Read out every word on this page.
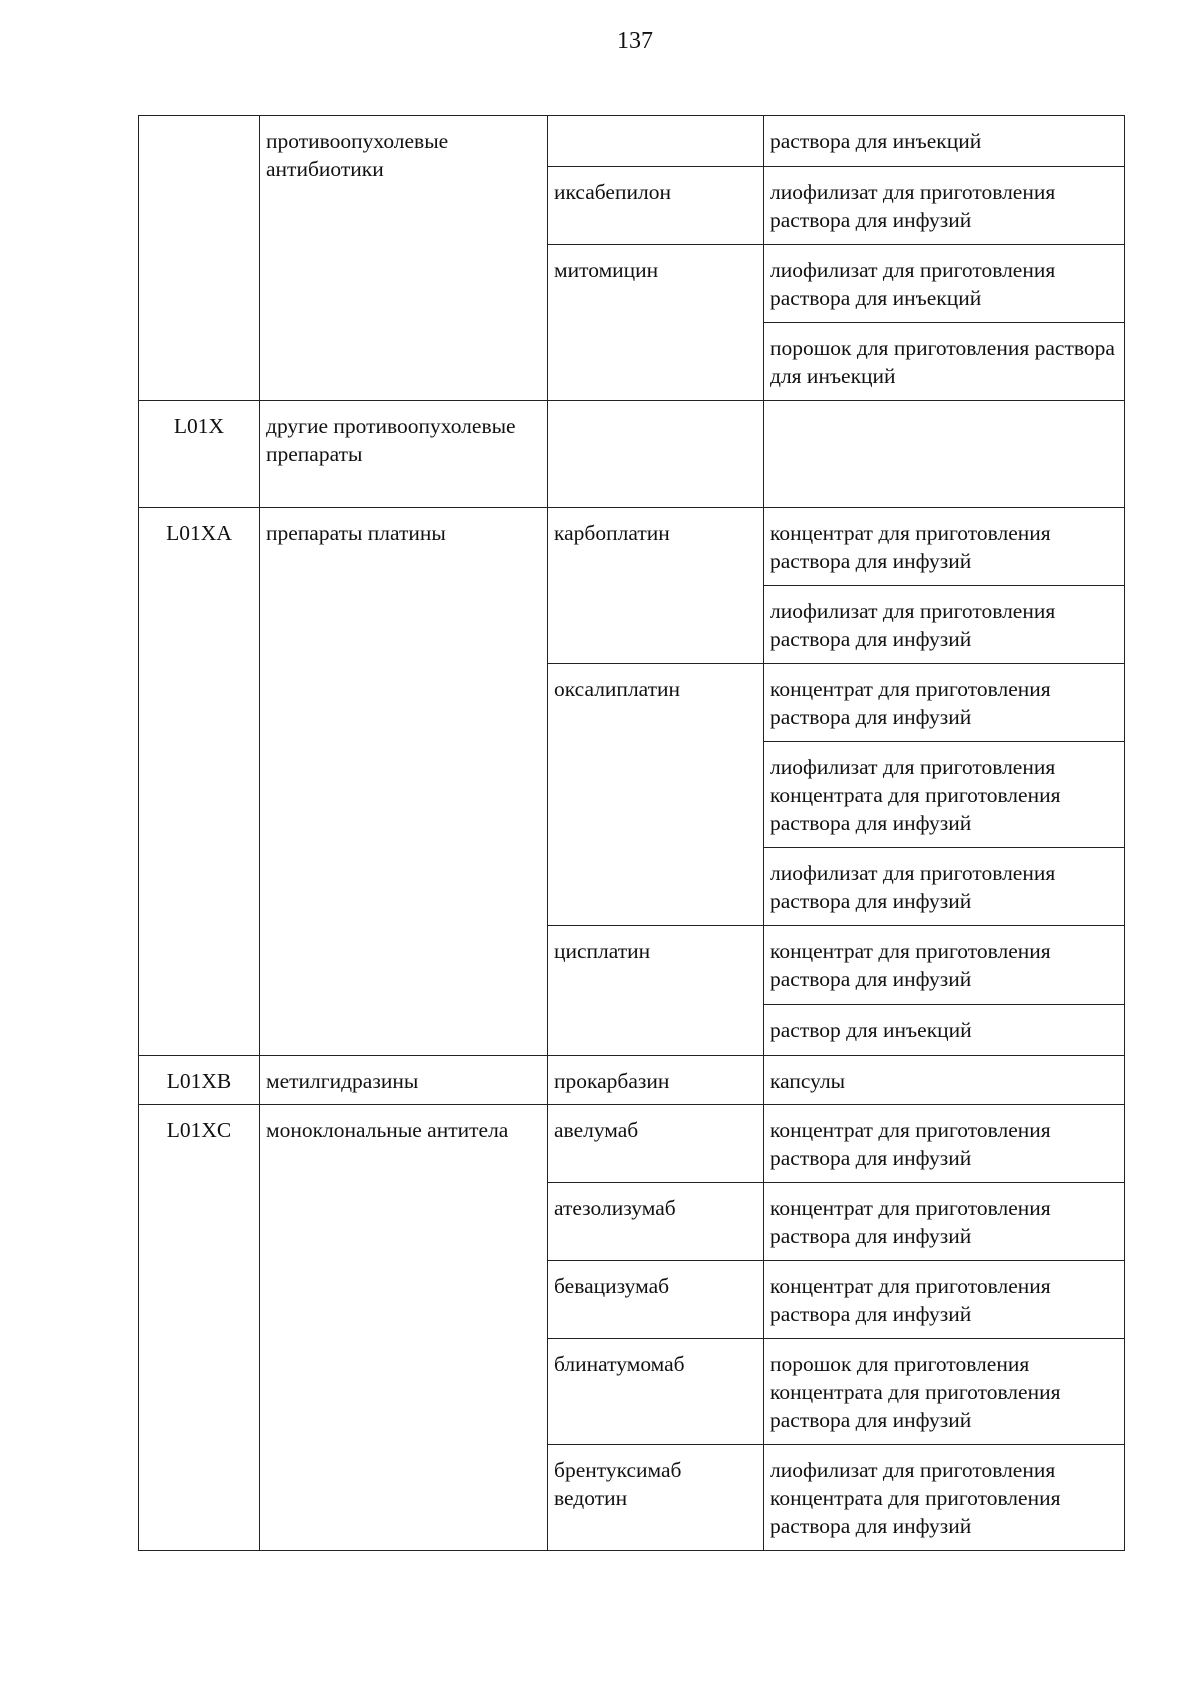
137
	противоопухолевые антибиотики		раствора для инъекций
		иксабепилон	лиофилизат для приготовления раствора для инфузий
		митомицин	лиофилизат для приготовления раствора для инъекций
			порошок для приготовления раствора для инъекций
L01X	другие противоопухолевые препараты		
L01XA	препараты платины	карбоплатин	концентрат для приготовления раствора для инфузий
			лиофилизат для приготовления раствора для инфузий
		оксалиплатин	концентрат для приготовления раствора для инфузий
			лиофилизат для приготовления концентрата для приготовления раствора для инфузий
			лиофилизат для приготовления раствора для инфузий
		цисплатин	концентрат для приготовления раствора для инфузий
			раствор для инъекций
L01XB	метилгидразины	прокарбазин	капсулы
L01XC	моноклональные антитела	авелумаб	концентрат для приготовления раствора для инфузий
		атезолизумаб	концентрат для приготовления раствора для инфузий
		бевацизумаб	концентрат для приготовления раствора для инфузий
		блинатумомаб	порошок для приготовления концентрата для приготовления раствора для инфузий
		брентуксимаб ведотин	лиофилизат для приготовления концентрата для приготовления раствора для инфузий
